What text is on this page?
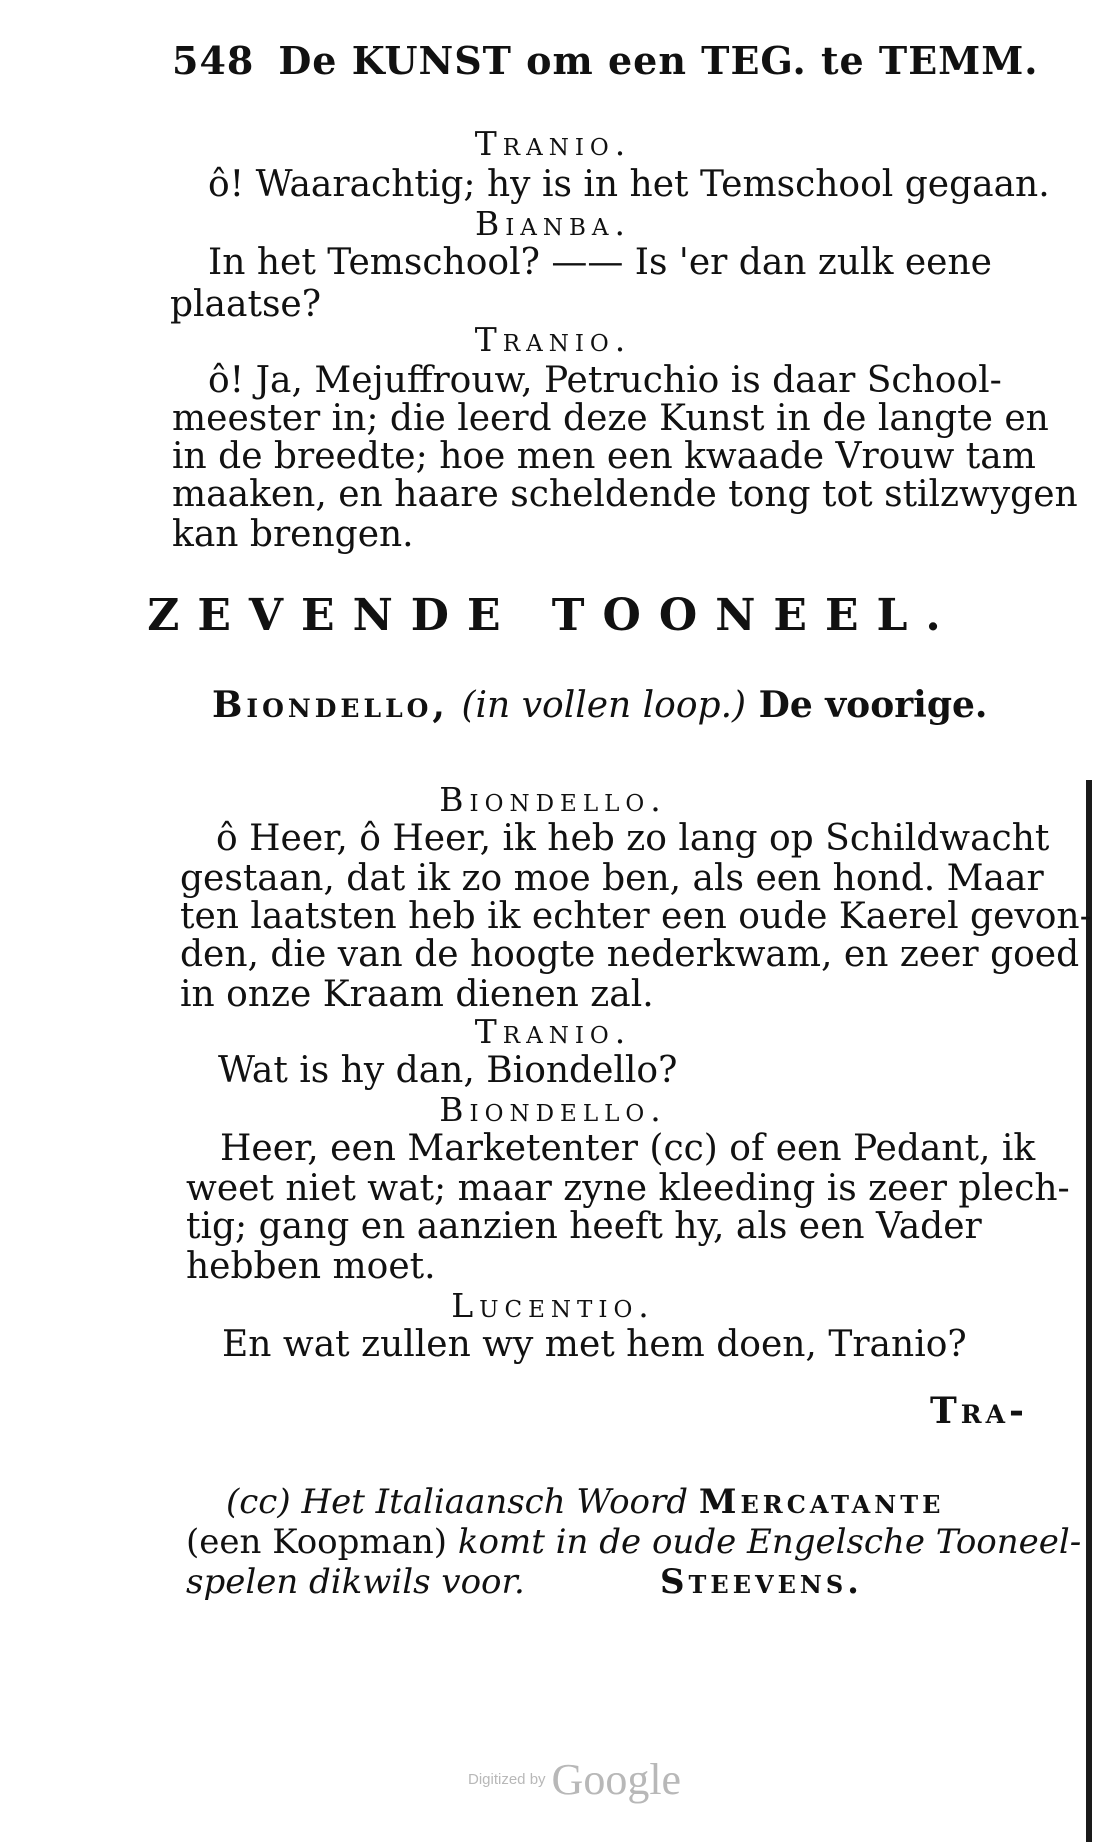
548 De KUNST om een TEG. te TEMM.
Tranio.
ô! Waarachtig; hy is in het Temschool gegaan.
Bianba.
In het Temschool? —— Is 'er dan zulk eene
plaatse?
Tranio.
ô! Ja, Mejuffrouw, Petruchio is daar School-
meester in; die leerd deze Kunst in de langte en
in de breedte; hoe men een kwaade Vrouw tam
maaken, en haare scheldende tong tot stilzwygen
kan brengen.
ZEVENDE TOONEEL.
Biondello, (in vollen loop.) De voorige.
Biondello.
ô Heer, ô Heer, ik heb zo lang op Schildwacht
gestaan, dat ik zo moe ben, als een hond. Maar
ten laatsten heb ik echter een oude Kaerel gevon-
den, die van de hoogte nederkwam, en zeer goed
in onze Kraam dienen zal.
Tranio.
Wat is hy dan, Biondello?
Biondello.
Heer, een Marketenter (cc) of een Pedant, ik
weet niet wat; maar zyne kleeding is zeer plech-
tig; gang en aanzien heeft hy, als een Vader
hebben moet.
Lucentio.
En wat zullen wy met hem doen, Tranio?
Tra-
(cc) Het Italiaansch Woord Mercatante
(een Koopman) komt in de oude Engelsche Tooneel-
spelen dikwils voor.	Steevens.
Digitized by Google
